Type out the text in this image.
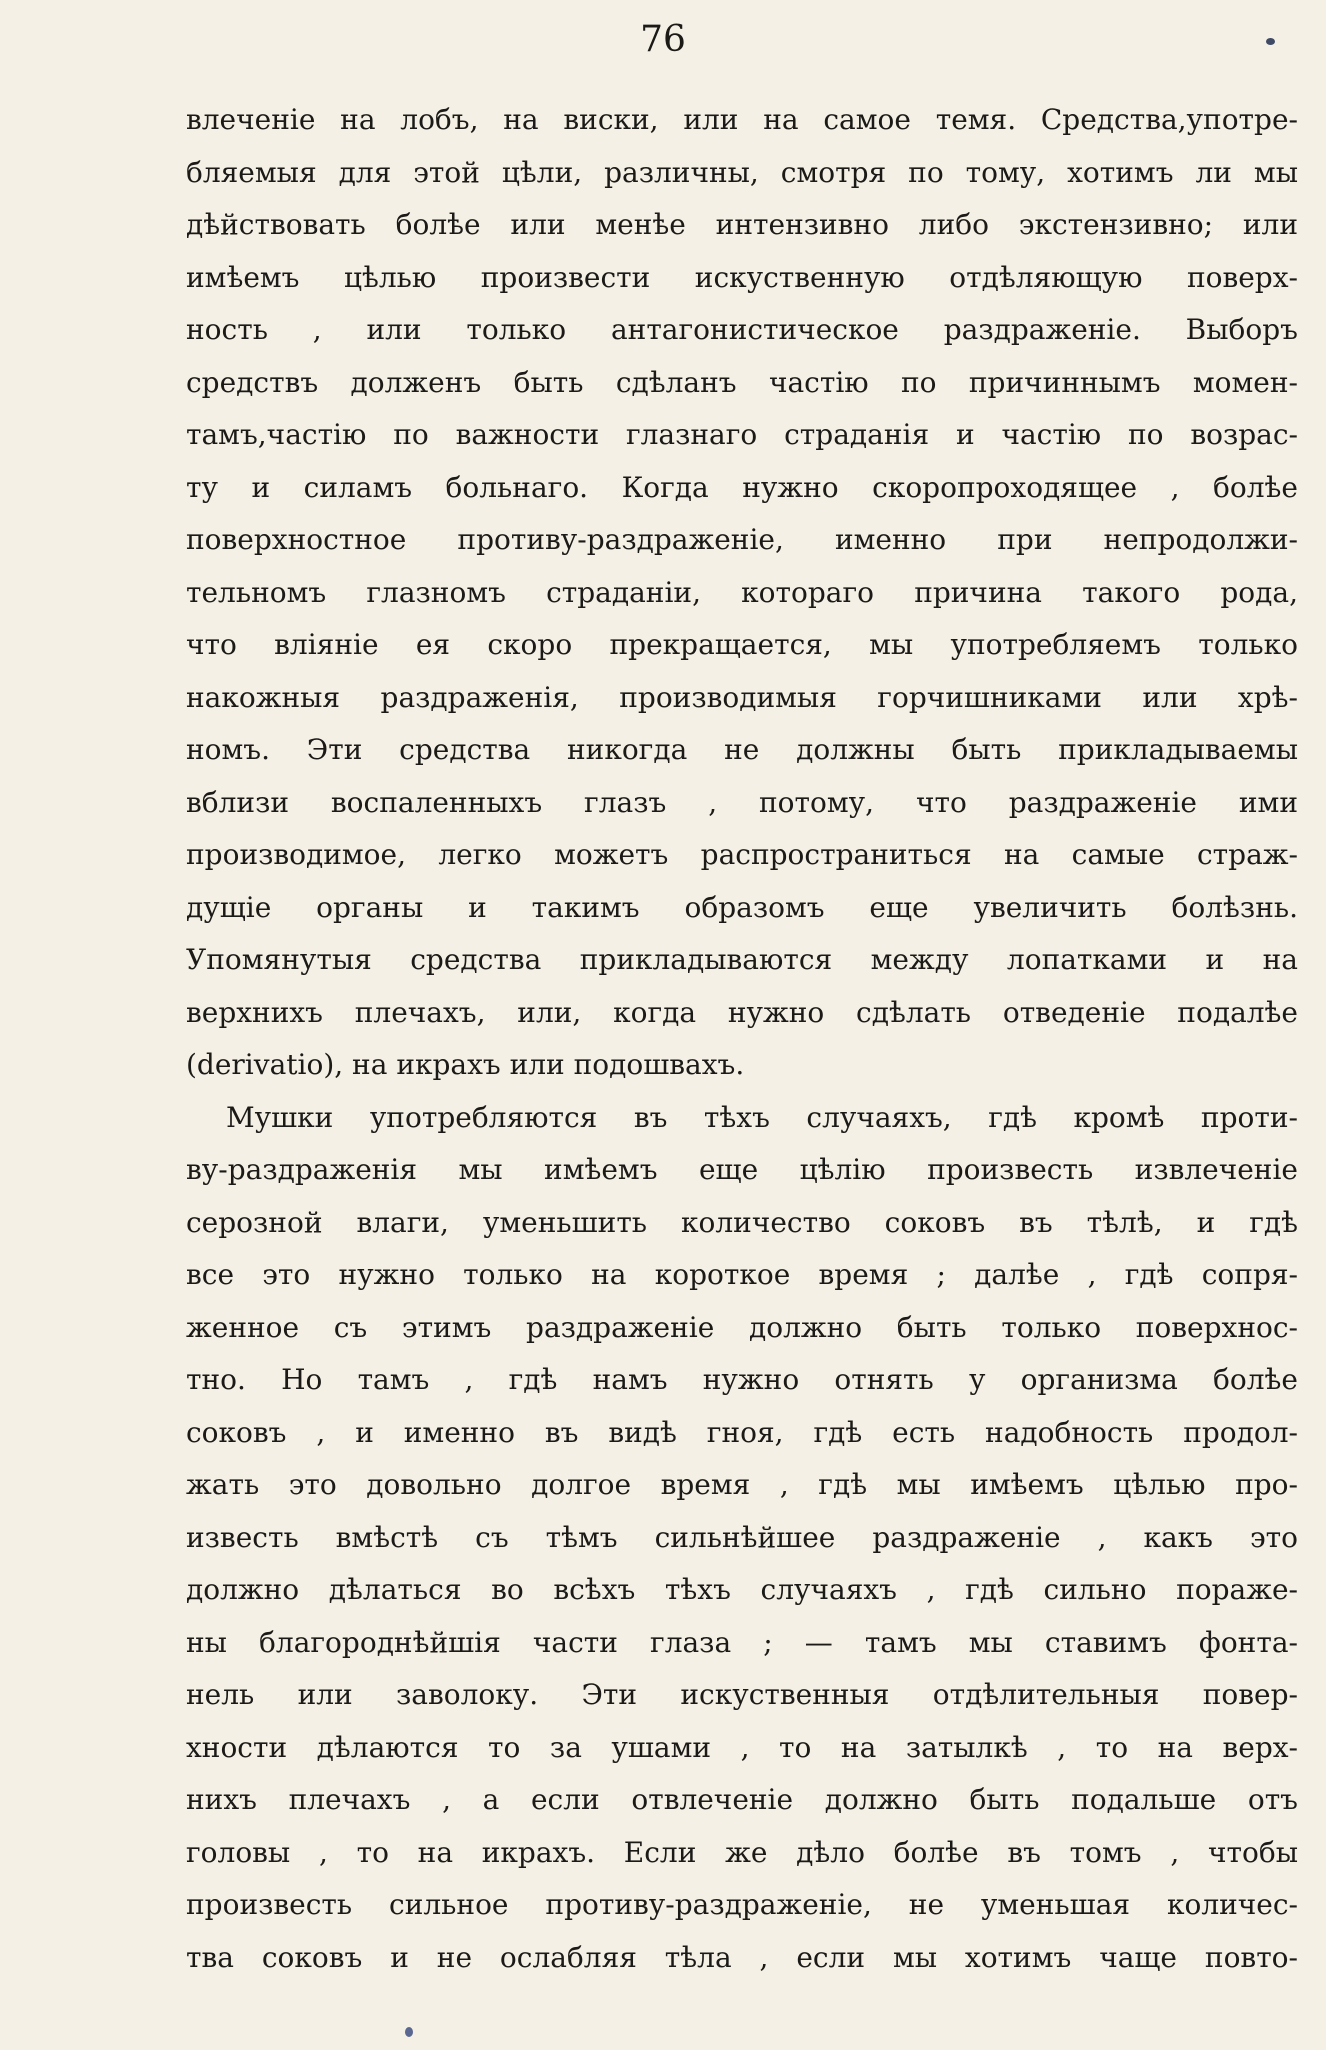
76
влеченіе на лобъ, на виски, или на самое темя. Средства,употре-
бляемыя для этой цѣли, различны, смотря по тому, хотимъ ли мы
дѣйствовать болѣе или менѣе интензивно либо экстензивно; или
имѣемъ цѣлью произвести искуственную отдѣляющую поверх-
ность , или только антагонистическое раздраженіе. Выборъ
средствъ долженъ быть сдѣланъ частію по причиннымъ момен-
тамъ,частію по важности глазнаго страданія и частію по возрас-
ту и силамъ больнаго. Когда нужно скоропроходящее , болѣе
поверхностное противу-раздраженіе, именно при непродолжи-
тельномъ глазномъ страданіи, котораго причина такого рода,
что вліяніе ея скоро прекращается, мы употребляемъ только
накожныя раздраженія, производимыя горчишниками или хрѣ-
номъ. Эти средства никогда не должны быть прикладываемы
вблизи воспаленныхъ глазъ , потому, что раздраженіе ими
производимое, легко можетъ распространиться на самые страж-
дущіе органы и такимъ образомъ еще увеличить болѣзнь.
Упомянутыя средства прикладываются между лопатками и на
верхнихъ плечахъ, или, когда нужно сдѣлать отведеніе подалѣе
(derivatio), на икрахъ или подошвахъ.
Мушки употребляются въ тѣхъ случаяхъ, гдѣ кромѣ проти-
ву-раздраженія мы имѣемъ еще цѣлію произвесть извлеченіе
серозной влаги, уменьшить количество соковъ въ тѣлѣ, и гдѣ
все это нужно только на короткое время ; далѣе , гдѣ сопря-
женное съ этимъ раздраженіе должно быть только поверхнос-
тно. Но тамъ , гдѣ намъ нужно отнять у организма болѣе
соковъ , и именно въ видѣ гноя, гдѣ есть надобность продол-
жать это довольно долгое время , гдѣ мы имѣемъ цѣлью про-
известь вмѣстѣ съ тѣмъ сильнѣйшее раздраженіе , какъ это
должно дѣлаться во всѣхъ тѣхъ случаяхъ , гдѣ сильно пораже-
ны благороднѣйшія части глаза ; — тамъ мы ставимъ фонта-
нель или заволоку. Эти искуственныя отдѣлительныя повер-
хности дѣлаются то за ушами , то на затылкѣ , то на верх-
нихъ плечахъ , а если отвлеченіе должно быть подальше отъ
головы , то на икрахъ. Если же дѣло болѣе въ томъ , чтобы
произвесть сильное противу-раздраженіе, не уменьшая количес-
тва соковъ и не ослабляя тѣла , если мы хотимъ чаще повто-
